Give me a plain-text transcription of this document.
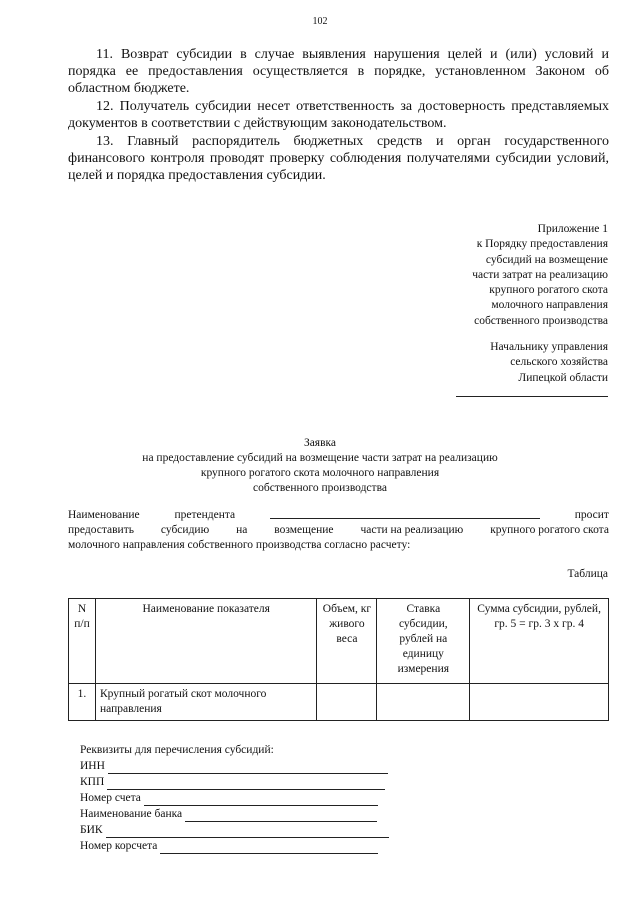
102
11. Возврат субсидии в случае выявления нарушения целей и (или) условий и порядка ее предоставления осуществляется в порядке, установленном Законом об областном бюджете.
12. Получатель субсидии несет ответственность за достоверность представляемых документов в соответствии с действующим законодательством.
13. Главный распорядитель бюджетных средств и орган государственного финансового контроля проводят проверку соблюдения получателями субсидии условий, целей и порядка предоставления субсидии.
Приложение 1
к Порядку предоставления
субсидий на возмещение
части затрат на реализацию
крупного рогатого скота
молочного направления
собственного производства
Начальнику управления
сельского хозяйства
Липецкой области
Заявка
на предоставление субсидий на возмещение части затрат на реализацию
крупного рогатого скота молочного направления
собственного производства
Наименование	претендента	просит
предоставить субсидию на возмещение части на реализацию крупного рогатого скота
молочного направления собственного производства согласно расчету:
Таблица
N п/п	Наименование показателя	Объем, кг живого веса	Ставка субсидии, рублей на единицу измерения	Сумма субсидии, рублей, гр. 5 = гр. 3 x гр. 4
1.	Крупный рогатый скот молочного направления			
Реквизиты для перечисления субсидий:
ИНН
КПП
Номер счета
Наименование банка
БИК
Номер корсчета
